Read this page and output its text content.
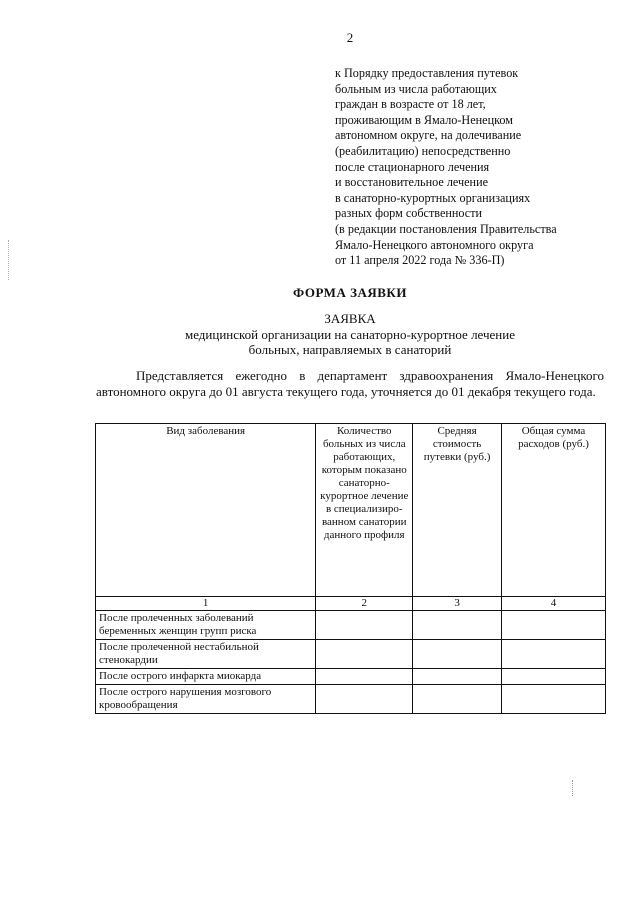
2
к Порядку предоставления путевок
больным из числа работающих
граждан в возрасте от 18 лет,
проживающим в Ямало-Ненецком
автономном округе, на долечивание
(реабилитацию) непосредственно
после стационарного лечения
и восстановительное лечение
в санаторно-курортных организациях
разных форм собственности
(в редакции постановления Правительства
Ямало-Ненецкого автономного округа
от 11 апреля 2022 года № 336-П)
ФОРМА ЗАЯВКИ
ЗАЯВКА
медицинской организации на санаторно-курортное лечение
больных, направляемых в санаторий
Представляется ежегодно в департамент здравоохранения Ямало-Ненецкого автономного округа до 01 августа текущего года, уточняется до 01 декабря текущего года.
Вид заболевания	Количество больных из числа работающих, которым показано санаторно-курортное лечение в специализиро-ванном санатории данного профиля	Средняя стоимость путевки (руб.)	Общая сумма расходов (руб.)
1	2	3	4
После пролеченных заболеваний беременных женщин групп риска			
После пролеченной нестабильной стенокардии			
После острого инфаркта миокарда			
После острого нарушения мозгового кровообращения			
